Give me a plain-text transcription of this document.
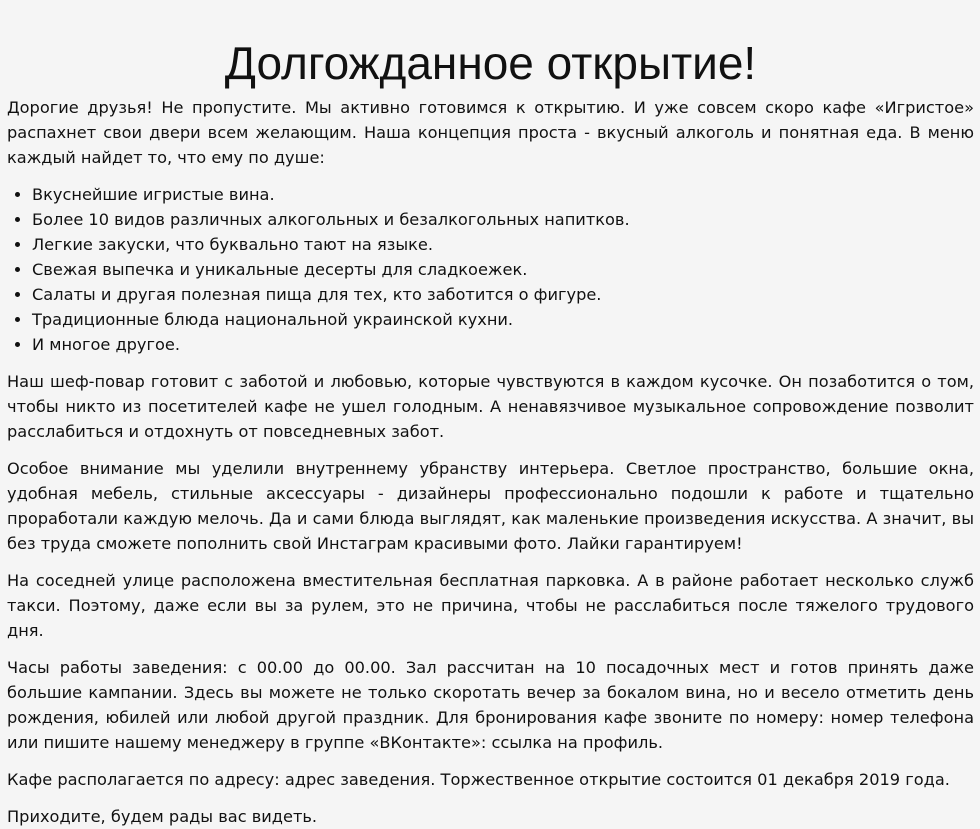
Долгожданное открытие!

Дорогие друзья! Не пропустите. Мы активно готовимся к открытию. И уже совсем скоро кафе «Игристое» распахнет свои двери всем желающим. Наша концепция проста - вкусный алкоголь и понятная еда. В меню каждый найдет то, что ему по душе:

• Вкуснейшие игристые вина.
• Более 10 видов различных алкогольных и безалкогольных напитков.
• Легкие закуски, что буквально тают на языке.
• Свежая выпечка и уникальные десерты для сладкоежек.
• Салаты и другая полезная пища для тех, кто заботится о фигуре.
• Традиционные блюда национальной украинской кухни.
• И многое другое.

Наш шеф-повар готовит с заботой и любовью, которые чувствуются в каждом кусочке. Он позаботится о том, чтобы никто из посетителей кафе не ушел голодным. А ненавязчивое музыкальное сопровождение позволит расслабиться и отдохнуть от повседневных забот.

Особое внимание мы уделили внутреннему убранству интерьера. Светлое пространство, большие окна, удобная мебель, стильные аксессуары - дизайнеры профессионально подошли к работе и тщательно проработали каждую мелочь. Да и сами блюда выглядят, как маленькие произведения искусства. А значит, вы без труда сможете пополнить свой Инстаграм красивыми фото. Лайки гарантируем!

На соседней улице расположена вместительная бесплатная парковка. А в районе работает несколько служб такси. Поэтому, даже если вы за рулем, это не причина, чтобы не расслабиться после тяжелого трудового дня.

Часы работы заведения: с 00.00 до 00.00. Зал рассчитан на 10 посадочных мест и готов принять даже большие кампании. Здесь вы можете не только скоротать вечер за бокалом вина, но и весело отметить день рождения, юбилей или любой другой праздник. Для бронирования кафе звоните по номеру: номер телефона или пишите нашему менеджеру в группе «ВКонтакте»: ссылка на профиль.

Кафе располагается по адресу: адрес заведения. Торжественное открытие состоится 01 декабря 2019 года.

Приходите, будем рады вас видеть.
